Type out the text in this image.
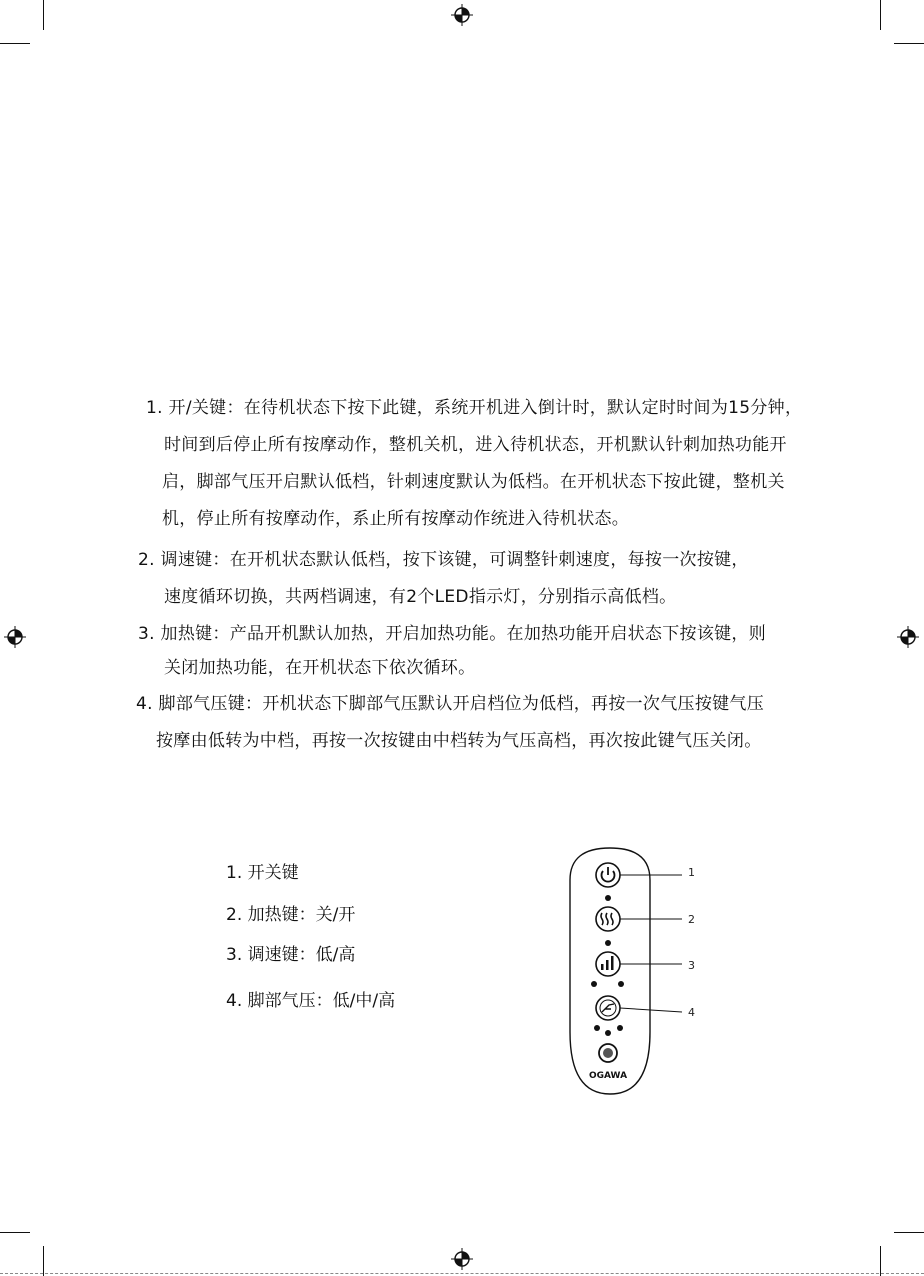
1. 开/关键：在待机状态下按下此键，系统开机进入倒计时，默认定时时间为15分钟，
时间到后停止所有按摩动作，整机关机，进入待机状态，开机默认针刺加热功能开
启，脚部气压开启默认低档，针刺速度默认为低档。在开机状态下按此键，整机关
机，停止所有按摩动作，系止所有按摩动作统进入待机状态。
2. 调速键：在开机状态默认低档，按下该键，可调整针刺速度，每按一次按键，
速度循环切换，共两档调速，有2个LED指示灯，分别指示高低档。
3. 加热键：产品开机默认加热，开启加热功能。在加热功能开启状态下按该键，则
关闭加热功能，在开机状态下依次循环。
4. 脚部气压键：开机状态下脚部气压默认开启档位为低档，再按一次气压按键气压
按摩由低转为中档，再按一次按键由中档转为气压高档，再次按此键气压关闭。
1. 开关键
2. 加热键：关/开
3. 调速键：低/高
4. 脚部气压：低/中/高
OGAWA
1
2
3
4
